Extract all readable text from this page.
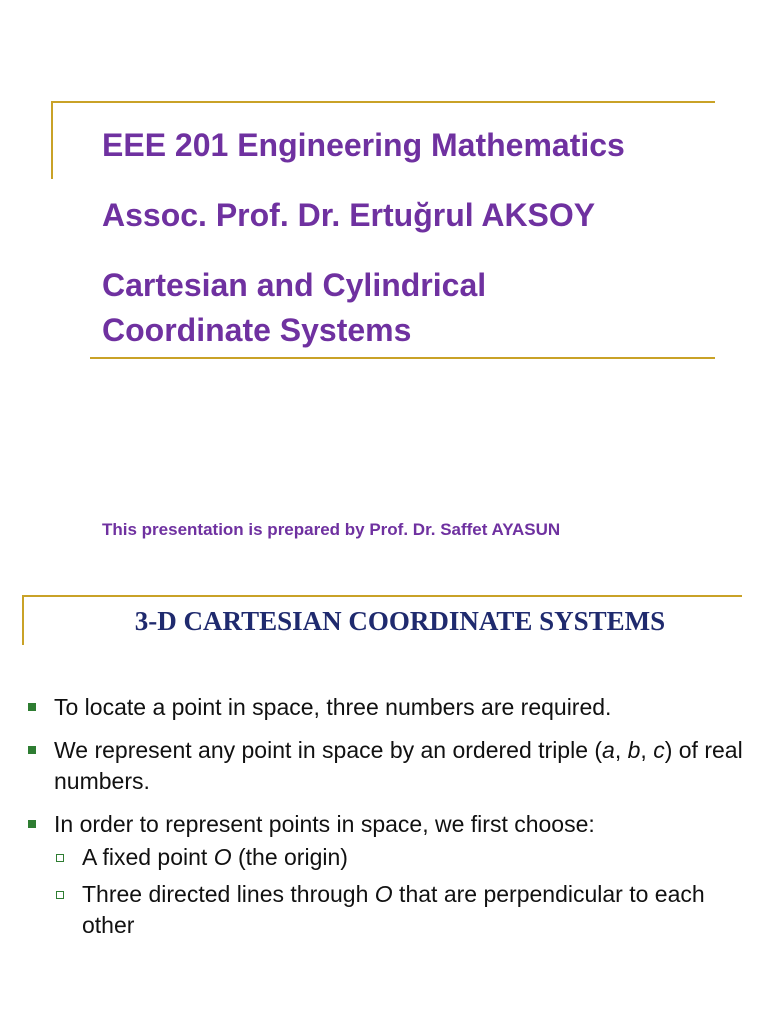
EEE 201 Engineering Mathematics
Assoc. Prof. Dr. Ertuğrul AKSOY
Cartesian and Cylindrical
Coordinate Systems
This presentation is prepared by Prof. Dr. Saffet AYASUN
3-D CARTESIAN COORDINATE SYSTEMS
To locate a point in space, three numbers are required.
We represent any point in space by an ordered triple (a, b, c) of real numbers.
In order to represent points in space, we first choose:
A fixed point O (the origin)
Three directed lines through O that are perpendicular to each other
